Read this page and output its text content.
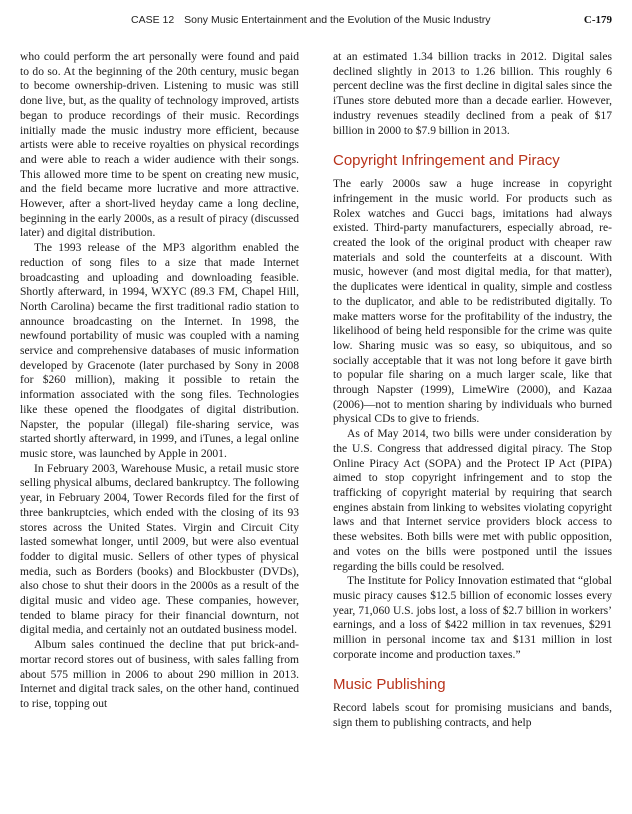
CASE 12 Sony Music Entertainment and the Evolution of the Music Industry	C-179

who could perform the art personally were found and paid to do so. At the beginning of the 20th century, music began to become ownership-driven. Listening to music was still done live, but, as the quality of technology improved, artists began to produce recordings of their music. Recordings initially made the music industry more efficient, because artists were able to receive royalties on physical recordings and were able to reach a wider audience with their songs. This allowed more time to be spent on creating new music, and the field became more lucrative and more attractive. However, after a short-lived heyday came a long decline, beginning in the early 2000s, as a result of piracy (discussed later) and digital distribution.

The 1993 release of the MP3 algorithm enabled the reduction of song files to a size that made Internet broadcasting and uploading and downloading feasible. Shortly afterward, in 1994, WXYC (89.3 FM, Chapel Hill, North Carolina) became the first traditional radio station to announce broadcasting on the Internet. In 1998, the newfound portability of music was coupled with a naming service and comprehensive databases of music information developed by Gracenote (later purchased by Sony in 2008 for $260 million), making it possible to retain the information associated with the song files. Technologies like these opened the floodgates of digital distribution. Napster, the popular (illegal) file-sharing service, was started shortly afterward, in 1999, and iTunes, a legal online music store, was launched by Apple in 2001.

In February 2003, Warehouse Music, a retail music store selling physical albums, declared bankruptcy. The following year, in February 2004, Tower Records filed for the first of three bankruptcies, which ended with the closing of its 93 stores across the United States. Virgin and Circuit City lasted somewhat longer, until 2009, but were also eventual fodder to digital music. Sellers of other types of physical media, such as Borders (books) and Blockbuster (DVDs), also chose to shut their doors in the 2000s as a result of the digital music and video age. These companies, however, tended to blame piracy for their financial downturn, not digital media, and certainly not an outdated business model.

Album sales continued the decline that put brick-and-mortar record stores out of business, with sales falling from about 575 million in 2006 to about 290 million in 2013. Internet and digital track sales, on the other hand, continued to rise, topping out

at an estimated 1.34 billion tracks in 2012. Digital sales declined slightly in 2013 to 1.26 billion. This roughly 6 percent decline was the first decline in digital sales since the iTunes store debuted more than a decade earlier. However, industry revenues steadily declined from a peak of $17 billion in 2000 to $7.9 billion in 2013.

Copyright Infringement and Piracy

The early 2000s saw a huge increase in copyright infringement in the music world. For products such as Rolex watches and Gucci bags, imitations had always existed. Third-party manufacturers, especially abroad, re-created the look of the original product with cheaper raw materials and sold the counterfeits at a discount. With music, however (and most digital media, for that matter), the duplicates were identical in quality, simple and costless to the duplicator, and able to be redistributed digitally. To make matters worse for the profitability of the industry, the likelihood of being held responsible for the crime was quite low. Sharing music was so easy, so ubiquitous, and so socially acceptable that it was not long before it gave birth to popular file sharing on a much larger scale, like that through Napster (1999), LimeWire (2000), and Kazaa (2006)—not to mention sharing by individuals who burned physical CDs to give to friends.

As of May 2014, two bills were under consideration by the U.S. Congress that addressed digital piracy. The Stop Online Piracy Act (SOPA) and the Protect IP Act (PIPA) aimed to stop copyright infringement and to stop the trafficking of copyright material by requiring that search engines abstain from linking to websites violating copyright laws and that Internet service providers block access to these websites. Both bills were met with public opposition, and votes on the bills were postponed until the issues regarding the bills could be resolved.

The Institute for Policy Innovation estimated that “global music piracy causes $12.5 billion of economic losses every year, 71,060 U.S. jobs lost, a loss of $2.7 billion in workers’ earnings, and a loss of $422 million in tax revenues, $291 million in personal income tax and $131 million in lost corporate income and production taxes.”

Music Publishing

Record labels scout for promising musicians and bands, sign them to publishing contracts, and help
